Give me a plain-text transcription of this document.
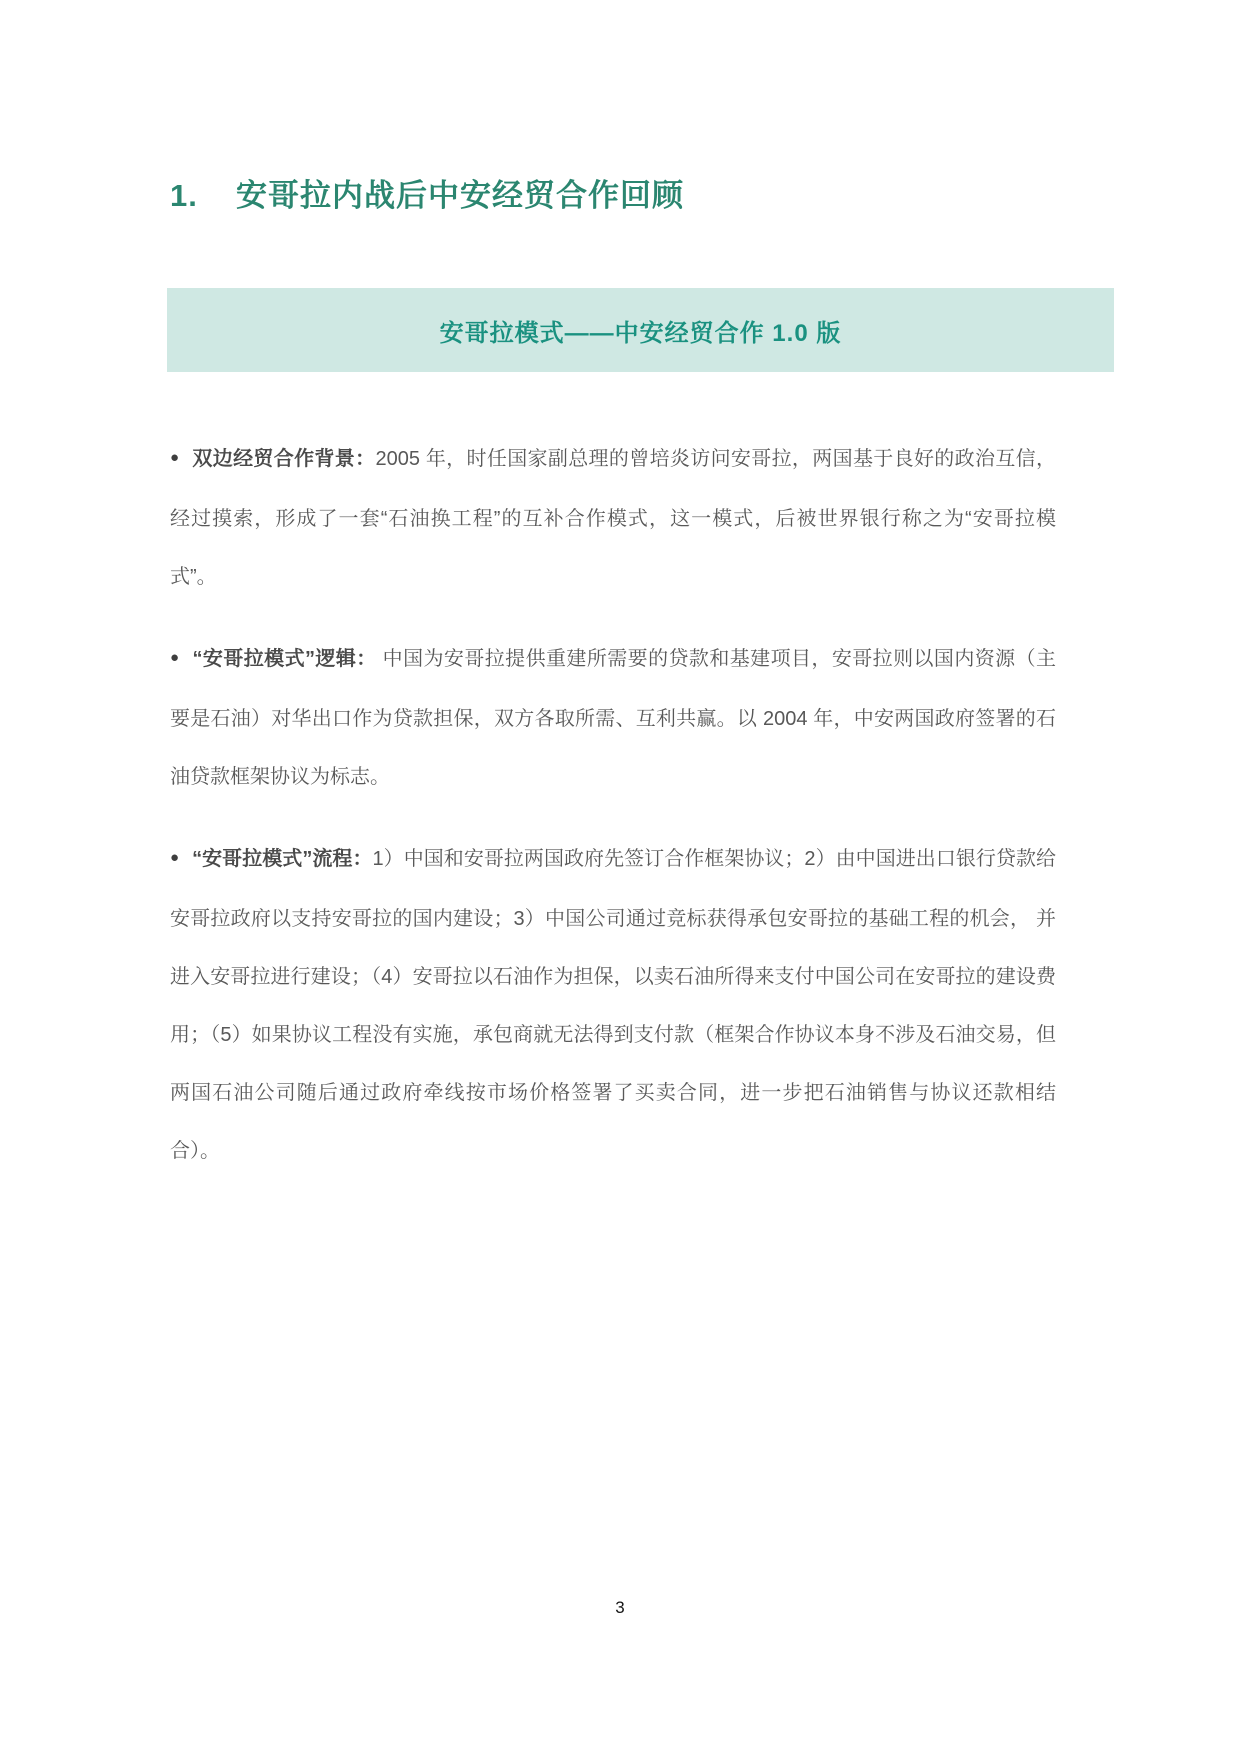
1. 安哥拉内战后中安经贸合作回顾
安哥拉模式——中安经贸合作 1.0 版

● 双边经贸合作背景：2005 年，时任国家副总理的曾培炎访问安哥拉，两国基于良好的政治互信，经过摸索，形成了一套“石油换工程”的互补合作模式，这一模式，后被世界银行称之为“安哥拉模式”。

● “安哥拉模式”逻辑： 中国为安哥拉提供重建所需要的贷款和基建项目，安哥拉则以国内资源（主要是石油）对华出口作为贷款担保，双方各取所需、互利共赢。以 2004 年，中安两国政府签署的石油贷款框架协议为标志。

● “安哥拉模式”流程：1）中国和安哥拉两国政府先签订合作框架协议；2）由中国进出口银行贷款给安哥拉政府以支持安哥拉的国内建设；3）中国公司通过竞标获得承包安哥拉的基础工程的机会， 并进入安哥拉进行建设；（4）安哥拉以石油作为担保，以卖石油所得来支付中国公司在安哥拉的建设费用；（5）如果协议工程没有实施，承包商就无法得到支付款（框架合作协议本身不涉及石油交易，但两国石油公司随后通过政府牵线按市场价格签署了买卖合同，进一步把石油销售与协议还款相结合）。

3
